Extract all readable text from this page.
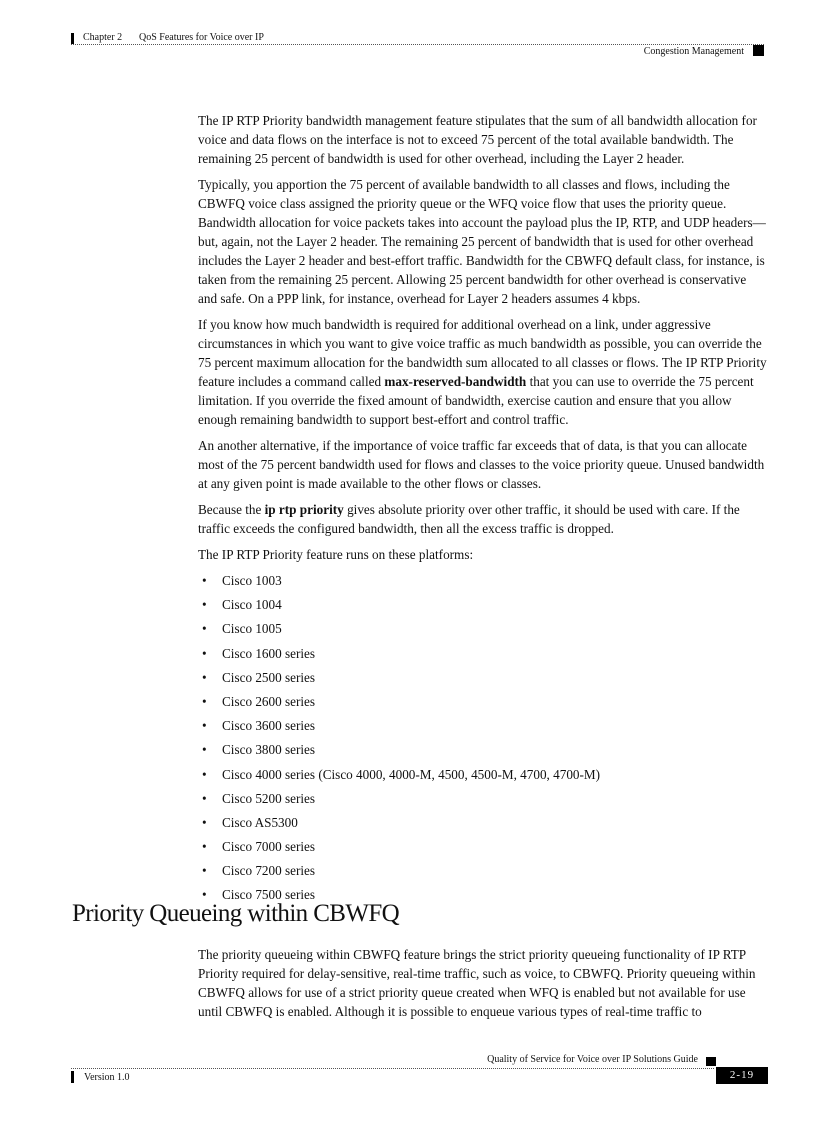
Chapter 2 QoS Features for Voice over IP
Congestion Management

The IP RTP Priority bandwidth management feature stipulates that the sum of all bandwidth allocation for voice and data flows on the interface is not to exceed 75 percent of the total available bandwidth. The remaining 25 percent of bandwidth is used for other overhead, including the Layer 2 header.

Typically, you apportion the 75 percent of available bandwidth to all classes and flows, including the CBWFQ voice class assigned the priority queue or the WFQ voice flow that uses the priority queue. Bandwidth allocation for voice packets takes into account the payload plus the IP, RTP, and UDP headers—but, again, not the Layer 2 header. The remaining 25 percent of bandwidth that is used for other overhead includes the Layer 2 header and best-effort traffic. Bandwidth for the CBWFQ default class, for instance, is taken from the remaining 25 percent. Allowing 25 percent bandwidth for other overhead is conservative and safe. On a PPP link, for instance, overhead for Layer 2 headers assumes 4 kbps.

If you know how much bandwidth is required for additional overhead on a link, under aggressive circumstances in which you want to give voice traffic as much bandwidth as possible, you can override the 75 percent maximum allocation for the bandwidth sum allocated to all classes or flows. The IP RTP Priority feature includes a command called max-reserved-bandwidth that you can use to override the 75 percent limitation. If you override the fixed amount of bandwidth, exercise caution and ensure that you allow enough remaining bandwidth to support best-effort and control traffic.

An another alternative, if the importance of voice traffic far exceeds that of data, is that you can allocate most of the 75 percent bandwidth used for flows and classes to the voice priority queue. Unused bandwidth at any given point is made available to the other flows or classes.

Because the ip rtp priority gives absolute priority over other traffic, it should be used with care. If the traffic exceeds the configured bandwidth, then all the excess traffic is dropped.

The IP RTP Priority feature runs on these platforms:

• Cisco 1003
• Cisco 1004
• Cisco 1005
• Cisco 1600 series
• Cisco 2500 series
• Cisco 2600 series
• Cisco 3600 series
• Cisco 3800 series
• Cisco 4000 series (Cisco 4000, 4000-M, 4500, 4500-M, 4700, 4700-M)
• Cisco 5200 series
• Cisco AS5300
• Cisco 7000 series
• Cisco 7200 series
• Cisco 7500 series
Priority Queueing within CBWFQ

The priority queueing within CBWFQ feature brings the strict priority queueing functionality of IP RTP Priority required for delay-sensitive, real-time traffic, such as voice, to CBWFQ. Priority queueing within CBWFQ allows for use of a strict priority queue created when WFQ is enabled but not available for use until CBWFQ is enabled. Although it is possible to enqueue various types of real-time traffic to

Quality of Service for Voice over IP Solutions Guide
Version 1.0	2-19
